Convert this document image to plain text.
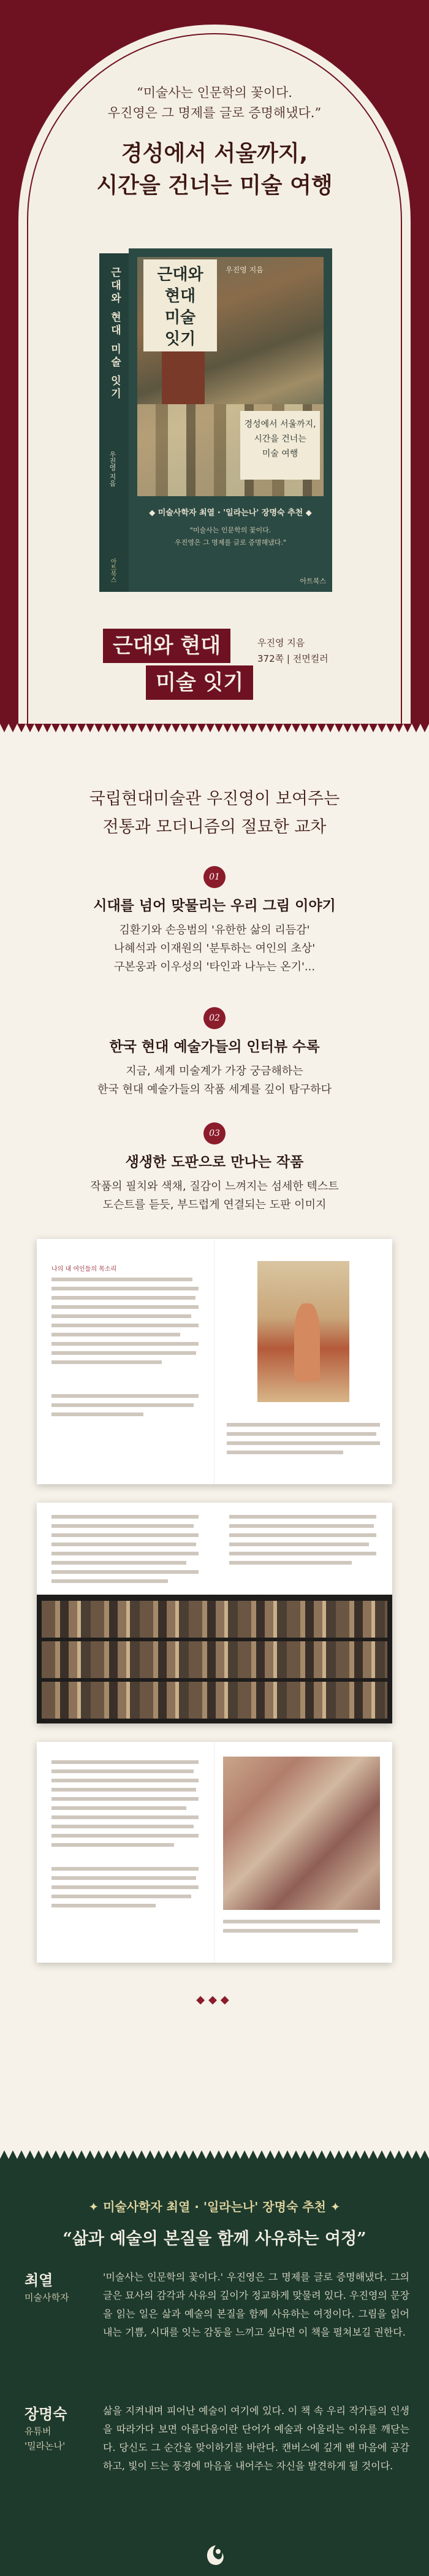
“미술사는 인문학의 꽃이다.
우진영은 그 명제를 글로 증명해냈다.”
경성에서 서울까지,
시간을 건너는 미술 여행
근대와 현대 미술 잇기
우진영 지음
아트북스
근대와
현대
미술
잇기
우진영 지음
경성에서 서울까지,
시간을 건너는
미술 여행
◆ 미술사학자 최열 · '일라는나' 장명숙 추천 ◆
"미술사는 인문학의 꽃이다.
우진영은 그 명제를 글로 증명해냈다."
아트북스
근대와 현대
미술 잇기
우진영 지음
372쪽 | 전면컬러
국립현대미술관 우진영이 보여주는
전통과 모더니즘의 절묘한 교차
01
시대를 넘어 맞물리는 우리 그림 이야기
김환기와 손응범의 '유한한 삶의 리듬감'
나혜석과 이재원의 '분투하는 여인의 초상'
구본웅과 이우성의 '타인과 나누는 온기'...
02
한국 현대 예술가들의 인터뷰 수록
지금, 세계 미술계가 가장 궁금해하는
한국 현대 예술가들의 작품 세계를 깊이 탐구하다
03
생생한 도판으로 만나는 작품
작품의 필치와 색채, 질감이 느껴지는 섬세한 텍스트
도슨트를 듣듯, 부드럽게 연결되는 도판 이미지
나의 내 여인들의 목소리
◆◆◆
✦ 미술사학자 최열 · '일라는나' 장명숙 추천 ✦
“삶과 예술의 본질을 함께 사유하는 여정”
최열
미술사학자
'미술사는 인문학의 꽃이다.' 우진영은 그 명제를 글로 증명해냈다. 그의 글은 묘사의 감각과 사유의 깊이가 정교하게 맞물려 있다. 우진영의 문장을 읽는 일은 삶과 예술의 본질을 함께 사유하는 여정이다. 그림을 읽어내는 기쁨, 시대를 잇는 감동을 느끼고 싶다면 이 책을 펼쳐보길 권한다.
장명숙
유튜버
'밀라논나'
삶을 지켜내며 피어난 예술이 여기에 있다. 이 책 속 우리 작가들의 인생을 따라가다 보면 아름다움이란 단어가 예술과 어울리는 이유를 깨닫는다. 당신도 그 순간을 맞이하기를 바란다. 캔버스에 깊게 밴 마음에 공감하고, 빛이 드는 풍경에 마음을 내어주는 자신을 발견하게 될 것이다.
